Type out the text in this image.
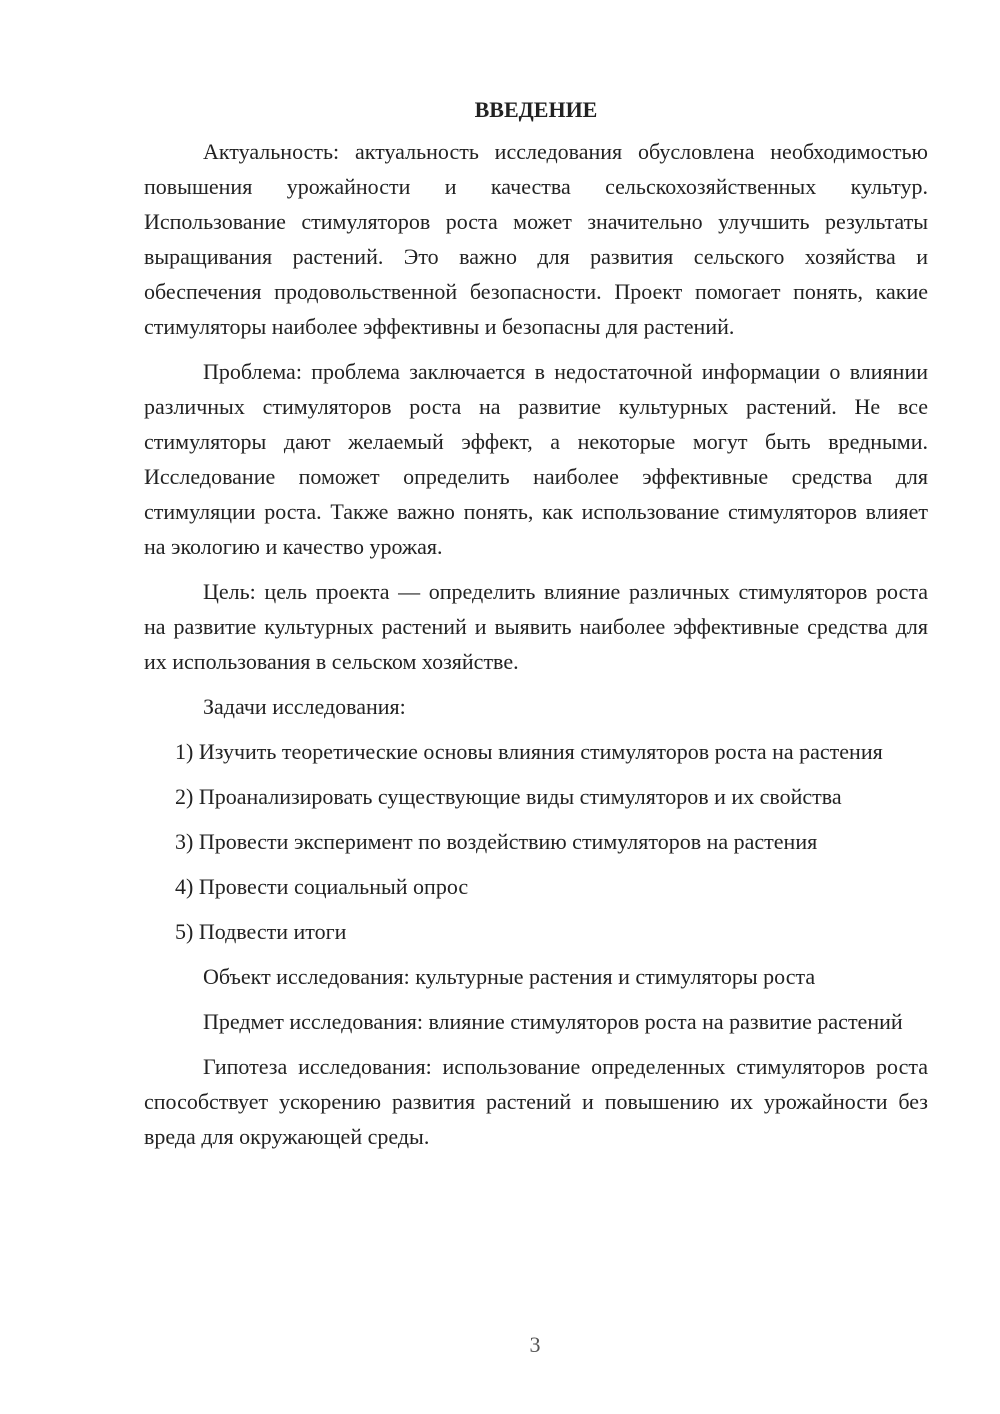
ВВЕДЕНИЕ

Актуальность: актуальность исследования обусловлена необходимостью повышения урожайности и качества сельскохозяйственных культур. Использование стимуляторов роста может значительно улучшить результаты выращивания растений. Это важно для развития сельского хозяйства и обеспечения продовольственной безопасности. Проект помогает понять, какие стимуляторы наиболее эффективны и безопасны для растений.

Проблема: проблема заключается в недостаточной информации о влиянии различных стимуляторов роста на развитие культурных растений. Не все стимуляторы дают желаемый эффект, а некоторые могут быть вредными. Исследование поможет определить наиболее эффективные средства для стимуляции роста. Также важно понять, как использование стимуляторов влияет на экологию и качество урожая.

Цель: цель проекта — определить влияние различных стимуляторов роста на развитие культурных растений и выявить наиболее эффективные средства для их использования в сельском хозяйстве.

Задачи исследования:

1) Изучить теоретические основы влияния стимуляторов роста на растения

2) Проанализировать существующие виды стимуляторов и их свойства

3) Провести эксперимент по воздействию стимуляторов на растения

4) Провести социальный опрос

5) Подвести итоги

Объект исследования: культурные растения и стимуляторы роста

Предмет исследования: влияние стимуляторов роста на развитие растений

Гипотеза исследования: использование определенных стимуляторов роста способствует ускорению развития растений и повышению их урожайности без вреда для окружающей среды.

3
